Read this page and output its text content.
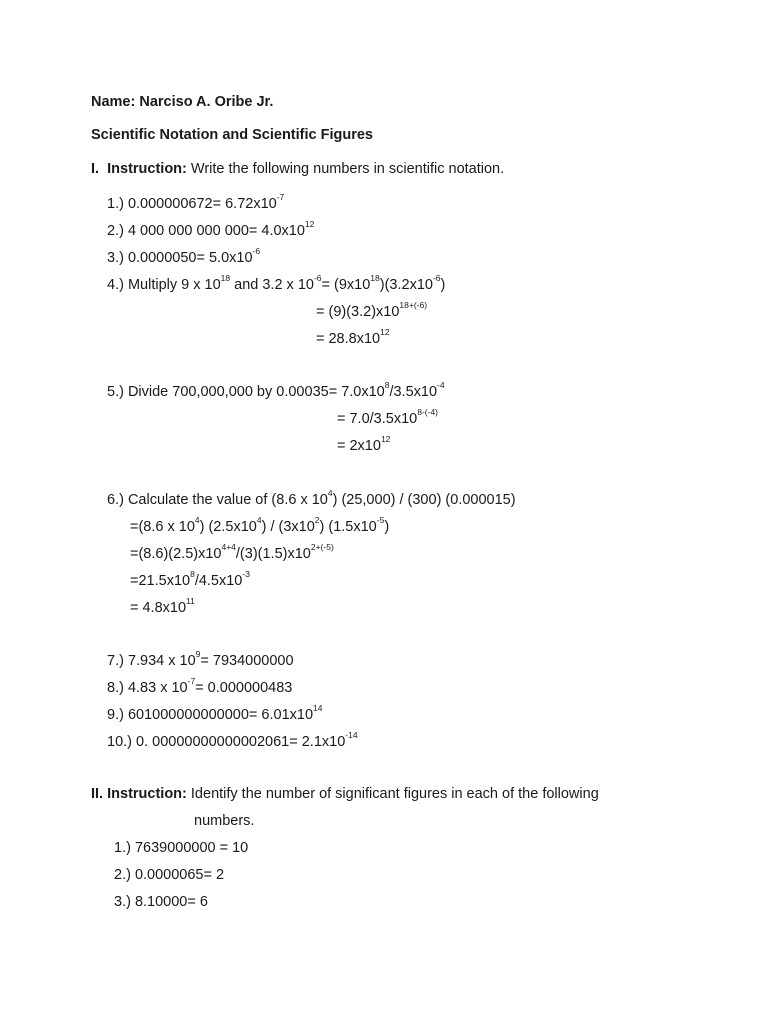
Name: Narciso A. Oribe Jr.
Scientific Notation and Scientific Figures
I. Instruction: Write the following numbers in scientific notation.
1.) $0.000000672= 6.72x10^{-7}$
2.) 4 000 000 000 $000= 4.0x10^{12}$
3.) $0.0000050= 5.0x10^{-6}$
4.) Multiply 9 x $10^{18}$ and 3.2 x $10^{-6}= (9x10^{18})(3.2x10^{-6})$
= $(9)(3.2)x10^{18+(-6)}$
= $28.8x10^{12}$
5.) Divide 700,000,000 by $0.00035= 7.0x10^8/3.5x10^{-4}$
= $7.0/3.5x10^{8-(-4)}$
= $2x10^{12}$
6.) Calculate the value of (8.6 x $10^4$) (25,000) / (300) (0.000015)
=(8.6 x $10^4$) $(2.5x10^4) / (3x10^2)$ $(1.5x10^{-5})$
$=(8.6)(2.5)x10^{4+4}/(3)(1.5)x10^{2+(-5)}$
$=21.5x10^8/4.5x10^{-3}$
= $4.8x10^{11}$
7.) 7.934 x $10^9= 7934000000$
8.) 4.83 x $10^{-7}= 0.000000483$
9.) $601000000000000= 6.01x10^{14}$
10.) 0. $00000000000002061= 2.1x10^{-14}$
II. Instruction: Identify the number of significant figures in each of the following
numbers.
1.) 7639000000 = 10
2.) 0.0000065= 2
3.) 8.10000= 6
